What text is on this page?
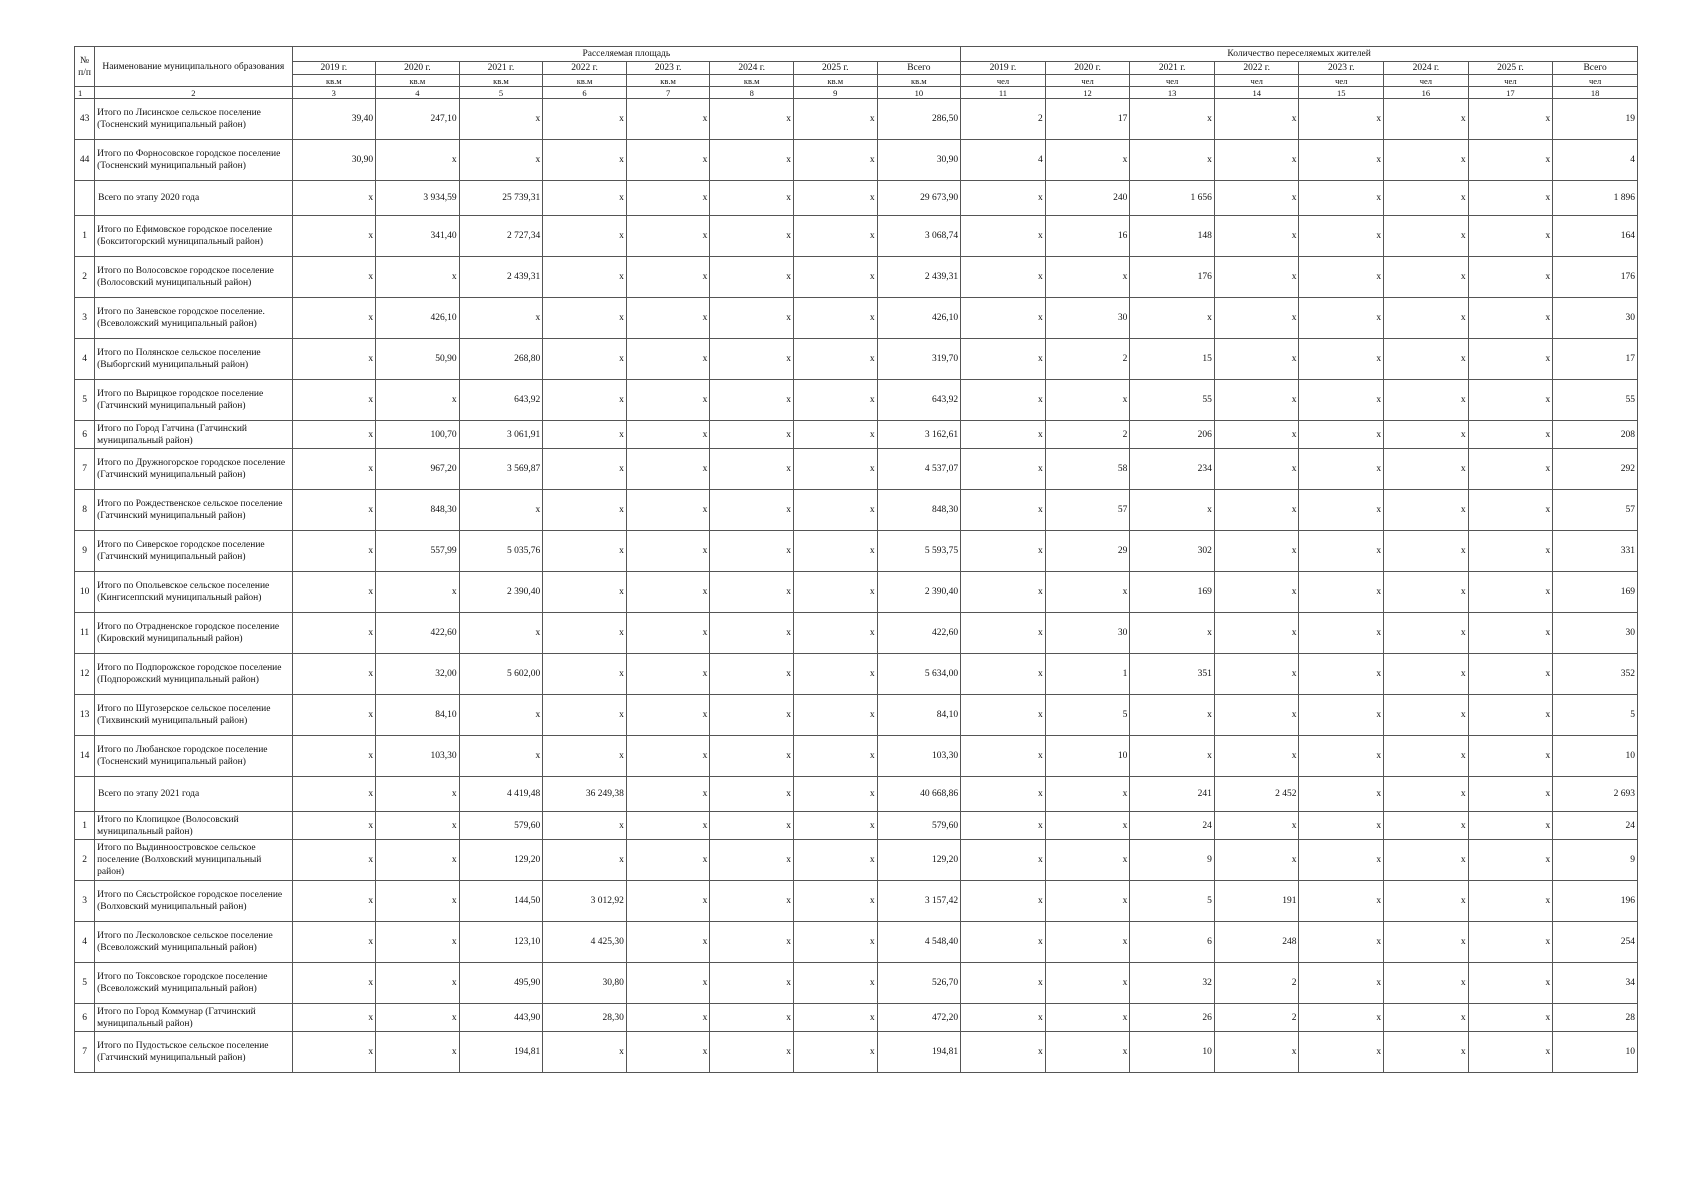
№ п/п	Наименование муниципального образования	Расселяемая площадь								Количество переселяемых жителей							
		2019 г.	2020 г.	2021 г.	2022 г.	2023 г.	2024 г.	2025 г.	Всего	2019 г.	2020 г.	2021 г.	2022 г.	2023 г.	2024 г.	2025 г.	Всего
		кв.м	кв.м	кв.м	кв.м	кв.м	кв.м	кв.м	кв.м	чел	чел	чел	чел	чел	чел	чел	чел
1	2	3	4	5	6	7	8	9	10	11	12	13	14	15	16	17	18
43	Итого по Лисинское сельское поселение (Тосненский муниципальный район)	39,40	247,10	x	x	x	x	x	286,50	2	17	x	x	x	x	x	19
44	Итого по Форносовское городское поселение (Тосненский муниципальный район)	30,90	x	x	x	x	x	x	30,90	4	x	x	x	x	x	x	4
	Всего по этапу 2020 года	x	3 934,59	25 739,31	x	x	x	x	29 673,90	x	240	1 656	x	x	x	x	1 896
1	Итого по Ефимовское городское поселение (Бокситогорский муниципальный район)	x	341,40	2 727,34	x	x	x	x	3 068,74	x	16	148	x	x	x	x	164
2	Итого по Волосовское городское поселение (Волосовский муниципальный район)	x	x	2 439,31	x	x	x	x	2 439,31	x	x	176	x	x	x	x	176
3	Итого по Заневское городское поселение. (Всеволожский муниципальный район)	x	426,10	x	x	x	x	x	426,10	x	30	x	x	x	x	x	30
4	Итого по Полянское сельское поселение (Выборгский муниципальный район)	x	50,90	268,80	x	x	x	x	319,70	x	2	15	x	x	x	x	17
5	Итого по Вырицкое городское поселение (Гатчинский муниципальный район)	x	x	643,92	x	x	x	x	643,92	x	x	55	x	x	x	x	55
6	Итого по Город Гатчина (Гатчинский муниципальный район)	x	100,70	3 061,91	x	x	x	x	3 162,61	x	2	206	x	x	x	x	208
7	Итого по Дружногорское городское поселение (Гатчинский муниципальный район)	x	967,20	3 569,87	x	x	x	x	4 537,07	x	58	234	x	x	x	x	292
8	Итого по Рождественское сельское поселение (Гатчинский муниципальный район)	x	848,30	x	x	x	x	x	848,30	x	57	x	x	x	x	x	57
9	Итого по Сиверское городское поселение (Гатчинский муниципальный район)	x	557,99	5 035,76	x	x	x	x	5 593,75	x	29	302	x	x	x	x	331
10	Итого по Опольевское сельское поселение (Кингисеппский муниципальный район)	x	x	2 390,40	x	x	x	x	2 390,40	x	x	169	x	x	x	x	169
11	Итого по Отрадненское городское поселение (Кировский муниципальный район)	x	422,60	x	x	x	x	x	422,60	x	30	x	x	x	x	x	30
12	Итого по Подпорожское городское поселение (Подпорожский муниципальный район)	x	32,00	5 602,00	x	x	x	x	5 634,00	x	1	351	x	x	x	x	352
13	Итого по Шугозерское сельское поселение (Тихвинский муниципальный район)	x	84,10	x	x	x	x	x	84,10	x	5	x	x	x	x	x	5
14	Итого по Любанское городское поселение (Тосненский муниципальный район)	x	103,30	x	x	x	x	x	103,30	x	10	x	x	x	x	x	10
	Всего по этапу 2021 года	x	x	4 419,48	36 249,38	x	x	x	40 668,86	x	x	241	2 452	x	x	x	2 693
1	Итого по Клопицкое (Волосовский муниципальный район)	x	x	579,60	x	x	x	x	579,60	x	x	24	x	x	x	x	24
2	Итого по Выдинноостровское сельское поселение (Волховский муниципальный район)	x	x	129,20	x	x	x	x	129,20	x	x	9	x	x	x	x	9
3	Итого по Сясьстройское городское поселение (Волховский муниципальный район)	x	x	144,50	3 012,92	x	x	x	3 157,42	x	x	5	191	x	x	x	196
4	Итого по Лесколовское сельское поселение (Всеволожский муниципальный район)	x	x	123,10	4 425,30	x	x	x	4 548,40	x	x	6	248	x	x	x	254
5	Итого по Токсовское городское поселение (Всеволожский муниципальный район)	x	x	495,90	30,80	x	x	x	526,70	x	x	32	2	x	x	x	34
6	Итого по Город Коммунар (Гатчинский муниципальный район)	x	x	443,90	28,30	x	x	x	472,20	x	x	26	2	x	x	x	28
7	Итого по Пудостьское сельское поселение (Гатчинский муниципальный район)	x	x	194,81	x	x	x	x	194,81	x	x	10	x	x	x	x	10
